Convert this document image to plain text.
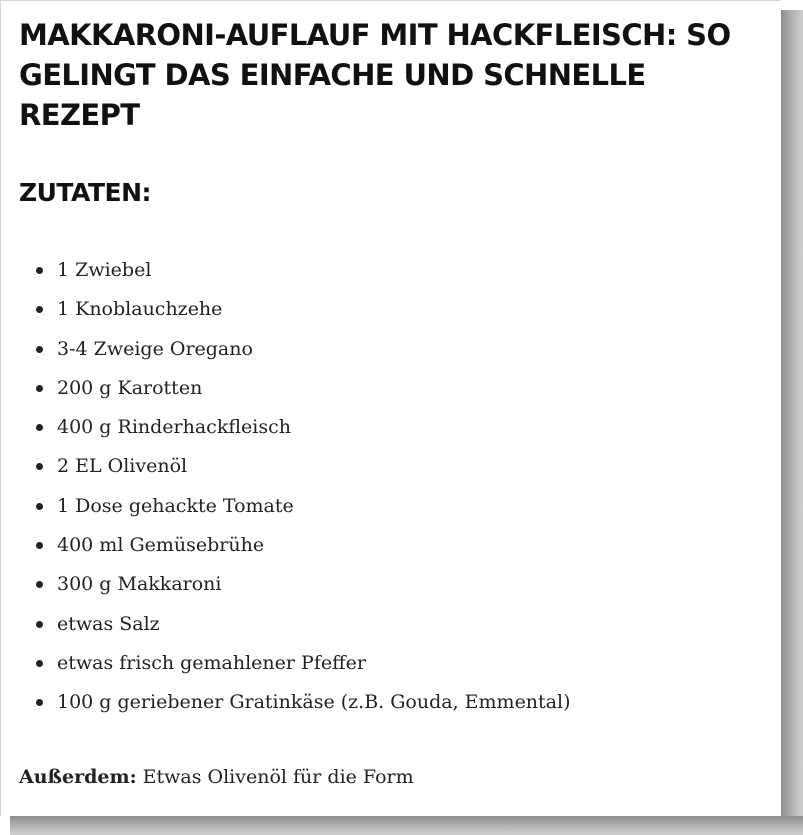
MAKKARONI-AUFLAUF MIT HACKFLEISCH: SO GELINGT DAS EINFACHE UND SCHNELLE REZEPT
ZUTATEN:
1 Zwiebel
1 Knoblauchzehe
3-4 Zweige Oregano
200 g Karotten
400 g Rinderhackfleisch
2 EL Olivenöl
1 Dose gehackte Tomate
400 ml Gemüsebrühe
300 g Makkaroni
etwas Salz
etwas frisch gemahlener Pfeffer
100 g geriebener Gratinkäse (z.B. Gouda, Emmental)

Außerdem: Etwas Olivenöl für die Form
